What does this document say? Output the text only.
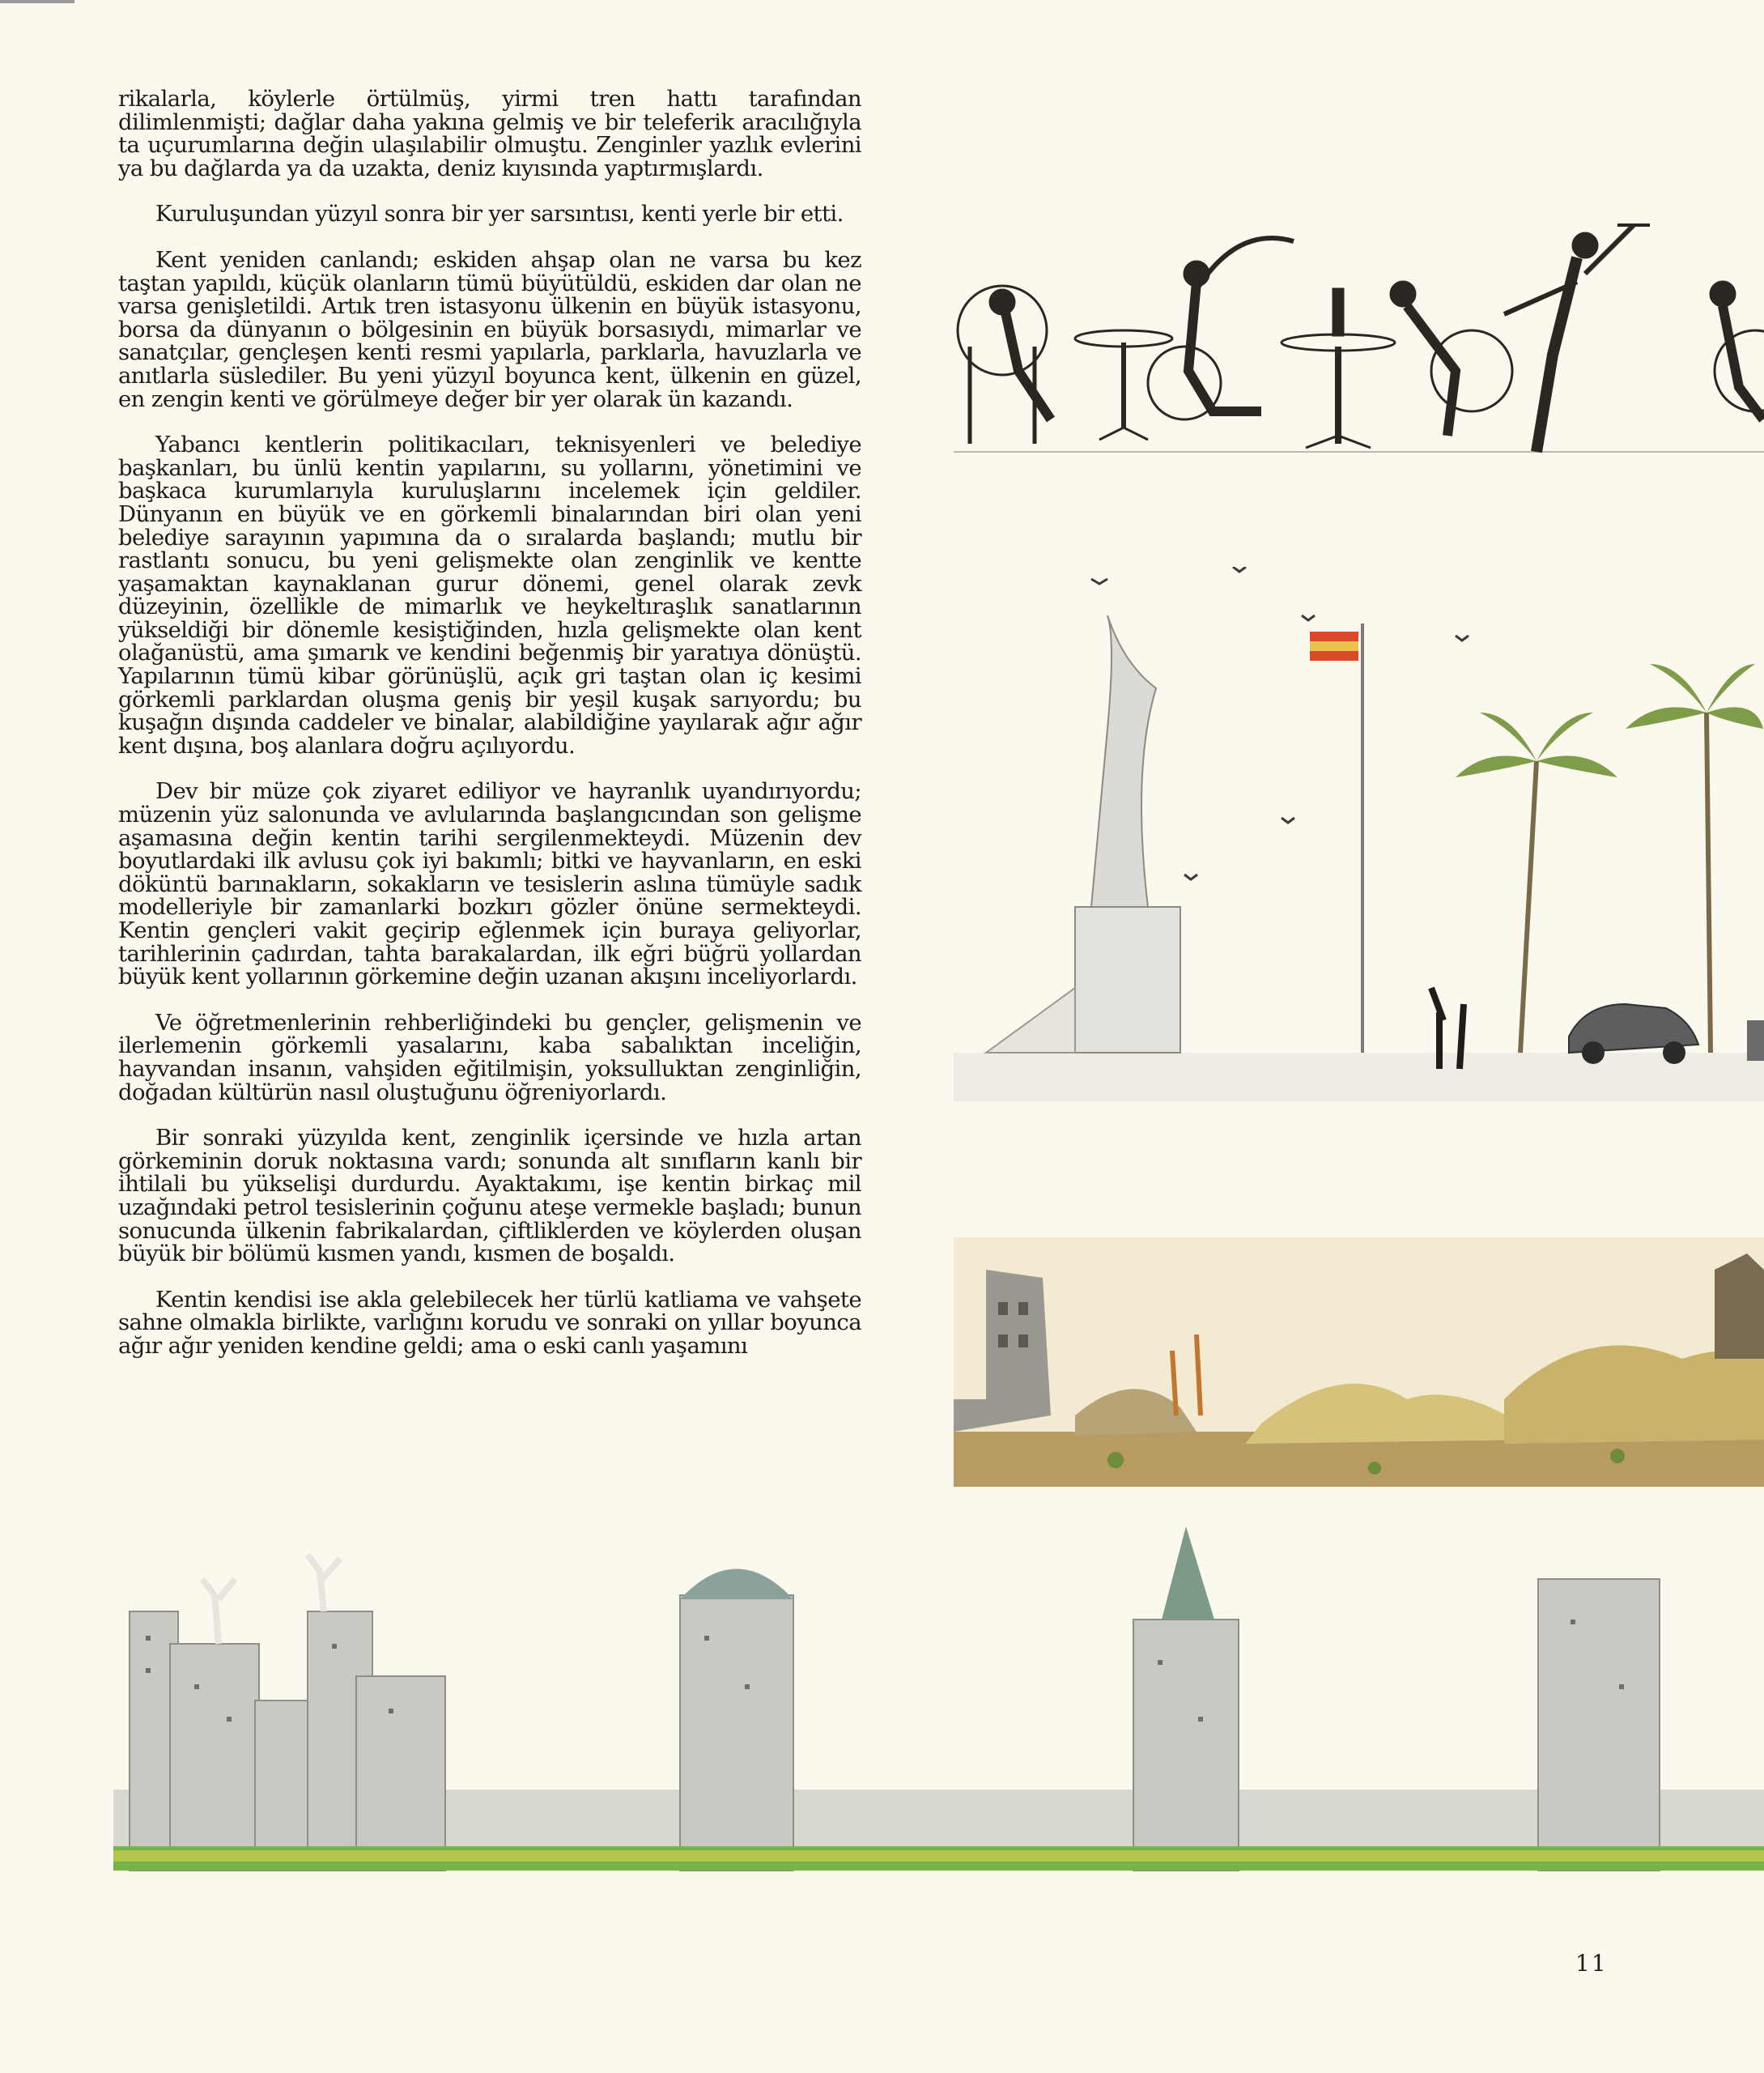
rikalarla, köylerle örtülmüş, yirmi tren hattı tarafından dilimlenmişti; dağlar daha yakına gelmiş ve bir teleferik aracılığıyla ta uçurumlarına değin ulaşılabilir olmuştu. Zenginler yazlık evlerini ya bu dağlarda ya da uzakta, deniz kıyısında yaptırmışlardı.

Kuruluşundan yüzyıl sonra bir yer sarsıntısı, kenti yerle bir etti.

Kent yeniden canlandı; eskiden ahşap olan ne varsa bu kez taştan yapıldı, küçük olanların tümü büyütüldü, eskiden dar olan ne varsa genişletildi. Artık tren istasyonu ülkenin en büyük istasyonu, borsa da dünyanın o bölgesinin en büyük borsasıydı, mimarlar ve sanatçılar, gençleşen kenti resmi yapılarla, parklarla, havuzlarla ve anıtlarla süslediler. Bu yeni yüzyıl boyunca kent, ülkenin en güzel, en zengin kenti ve görülmeye değer bir yer olarak ün kazandı.

Yabancı kentlerin politikacıları, teknisyenleri ve belediye başkanları, bu ünlü kentin yapılarını, su yollarını, yönetimini ve başkaca kurumlarıyla kuruluşlarını incelemek için geldiler. Dünyanın en büyük ve en görkemli binalarından biri olan yeni belediye sarayının yapımına da o sıralarda başlandı; mutlu bir rastlantı sonucu, bu yeni gelişmekte olan zenginlik ve kentte yaşamaktan kaynaklanan gurur dönemi, genel olarak zevk düzeyinin, özellikle de mimarlık ve heykeltıraşlık sanatlarının yükseldiği bir dönemle kesiştiğinden, hızla gelişmekte olan kent olağanüstü, ama şımarık ve kendini beğenmiş bir yaratıya dönüştü. Yapılarının tümü kibar görünüşlü, açık gri taştan olan iç kesimi görkemli parklardan oluşma geniş bir yeşil kuşak sarıyordu; bu kuşağın dışında caddeler ve binalar, alabildiğine yayılarak ağır ağır kent dışına, boş alanlara doğru açılıyordu.

Dev bir müze çok ziyaret ediliyor ve hayranlık uyandırıyordu; müzenin yüz salonunda ve avlularında başlangıcından son gelişme aşamasına değin kentin tarihi sergilenmekteydi. Müzenin dev boyutlardaki ilk avlusu çok iyi bakımlı; bitki ve hayvanların, en eski döküntü barınakların, sokakların ve tesislerin aslına tümüyle sadık modelleriyle bir zamanlarki bozkırı gözler önüne sermekteydi. Kentin gençleri vakit geçirip eğlenmek için buraya geliyorlar, tarihlerinin çadırdan, tahta barakalardan, ilk eğri büğrü yollardan büyük kent yollarının görkemine değin uzanan akışını inceliyorlardı.

Ve öğretmenlerinin rehberliğindeki bu gençler, gelişmenin ve ilerlemenin görkemli yasalarını, kaba sabalıktan inceliğin, hayvandan insanın, vahşiden eğitilmişin, yoksulluktan zenginliğin, doğadan kültürün nasıl oluştuğunu öğreniyorlardı.

Bir sonraki yüzyılda kent, zenginlik içersinde ve hızla artan görkeminin doruk noktasına vardı; sonunda alt sınıfların kanlı bir ihtilali bu yükselişi durdurdu. Ayaktakımı, işe kentin birkaç mil uzağındaki petrol tesislerinin çoğunu ateşe vermekle başladı; bunun sonucunda ülkenin fabrikalardan, çiftliklerden ve köylerden oluşan büyük bir bölümü kısmen yandı, kısmen de boşaldı.

Kentin kendisi ise akla gelebilecek her türlü katliama ve vahşete sahne olmakla birlikte, varlığını korudu ve sonraki on yıllar boyunca ağır ağır yeniden kendine geldi; ama o eski canlı yaşamını

11
